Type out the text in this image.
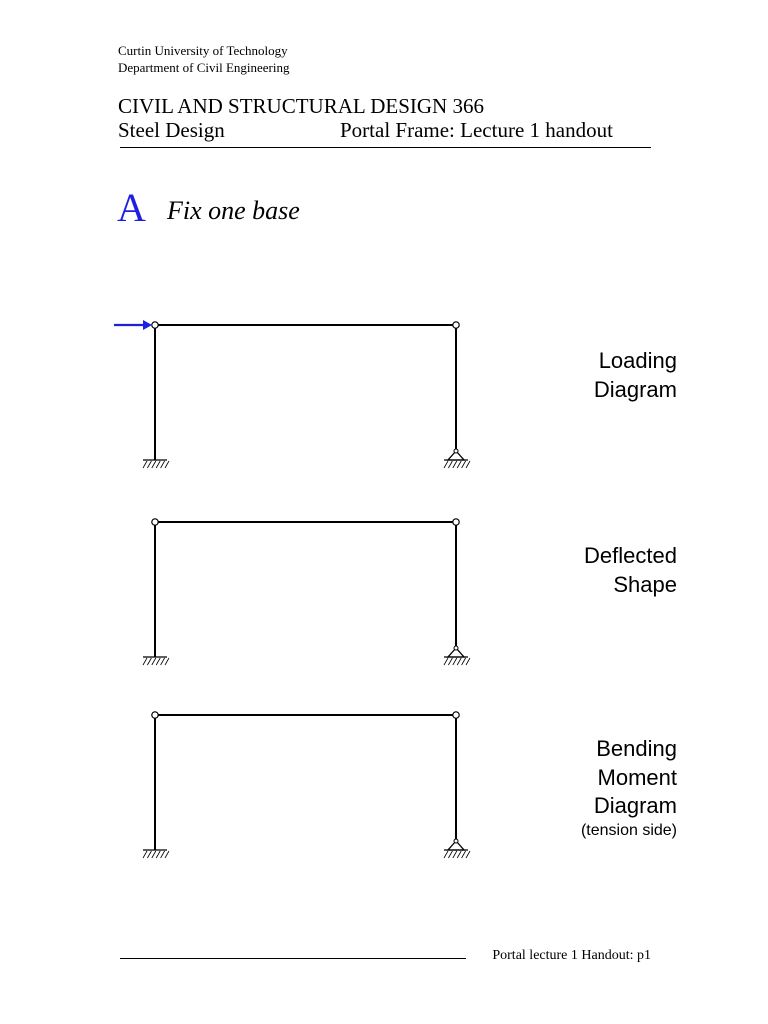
Curtin University of Technology
Department of Civil Engineering
CIVIL AND STRUCTURAL DESIGN 366
Steel Design	Portal Frame: Lecture 1 handout
A Fix one base
Loading
Diagram
Deflected
Shape
Bending
Moment
Diagram
(tension side)
Portal lecture 1 Handout: p1
